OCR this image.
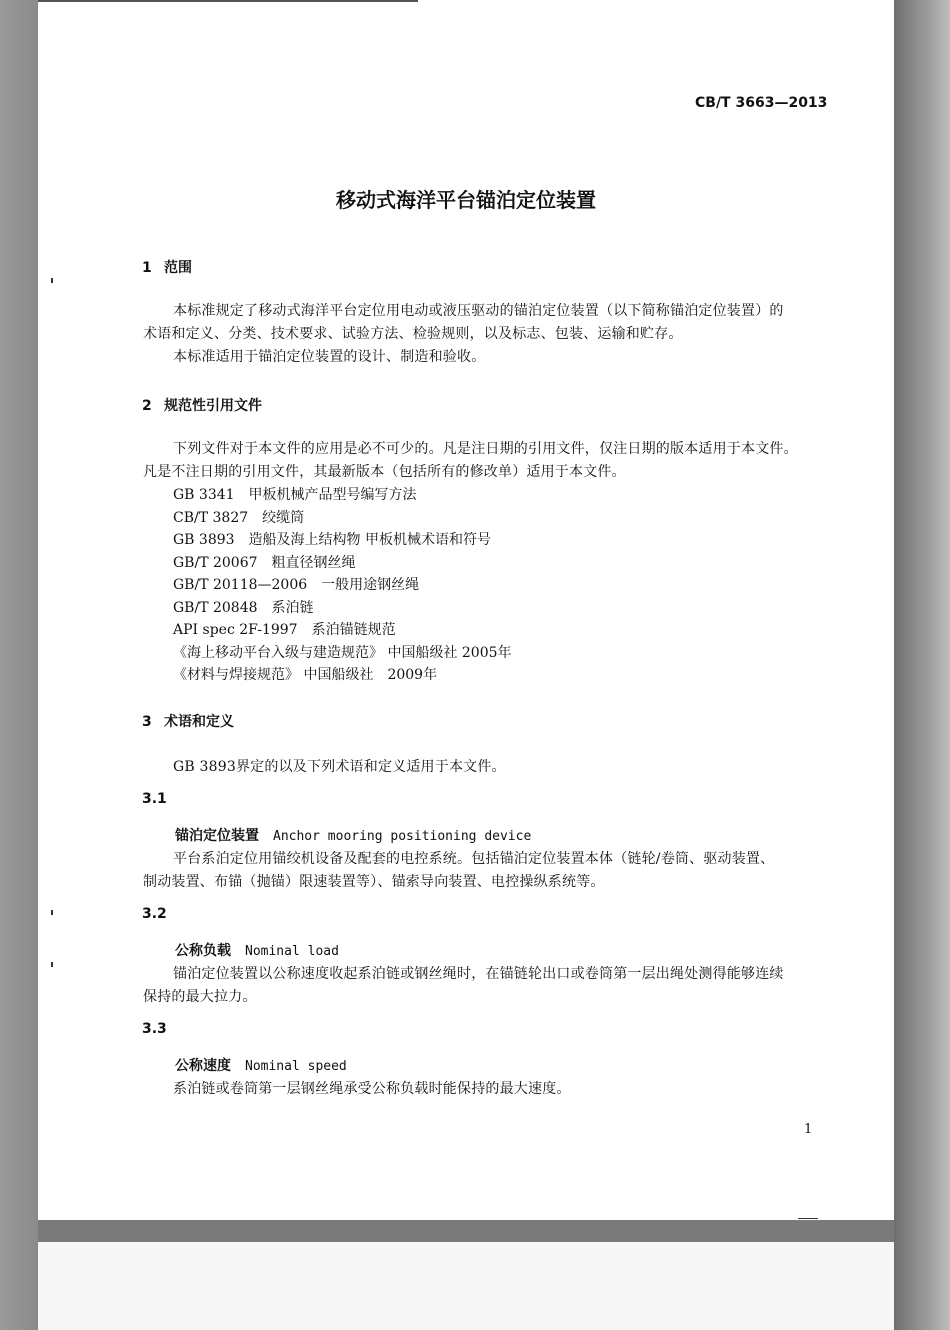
CB/T 3663—2013
移动式海洋平台锚泊定位装置
1 范围
本标准规定了移动式海洋平台定位用电动或液压驱动的锚泊定位装置（以下简称锚泊定位装置）的
术语和定义、分类、技术要求、试验方法、检验规则，以及标志、包装、运输和贮存。
本标准适用于锚泊定位装置的设计、制造和验收。
2 规范性引用文件
下列文件对于本文件的应用是必不可少的。凡是注日期的引用文件，仅注日期的版本适用于本文件。
凡是不注日期的引用文件，其最新版本（包括所有的修改单）适用于本文件。
GB 3341　甲板机械产品型号编写方法
CB/T 3827　绞缆筒
GB 3893　造船及海上结构物 甲板机械术语和符号
GB/T 20067　粗直径钢丝绳
GB/T 20118—2006　一般用途钢丝绳
GB/T 20848　系泊链
API spec 2F-1997　系泊锚链规范
《海上移动平台入级与建造规范》 中国船级社 2005年
《材料与焊接规范》 中国船级社　2009年
3 术语和定义
GB 3893界定的以及下列术语和定义适用于本文件。
3.1
锚泊定位装置 Anchor mooring positioning device
平台系泊定位用锚绞机设备及配套的电控系统。包括锚泊定位装置本体（链轮/卷筒、驱动装置、
制动装置、布锚（抛锚）限速装置等）、锚索导向装置、电控操纵系统等。
3.2
公称负载 Nominal load
锚泊定位装置以公称速度收起系泊链或钢丝绳时，在锚链轮出口或卷筒第一层出绳处测得能够连续
保持的最大拉力。
3.3
公称速度 Nominal speed
系泊链或卷筒第一层钢丝绳承受公称负载时能保持的最大速度。
1
